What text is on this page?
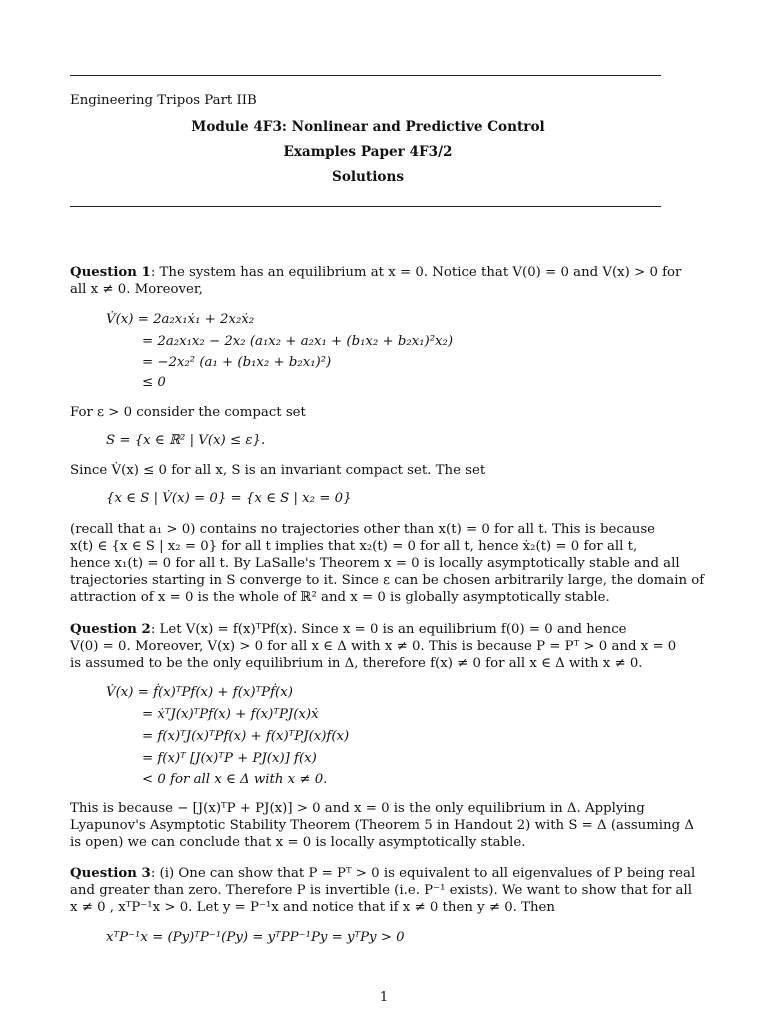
Engineering Tripos Part IIB
Module 4F3: Nonlinear and Predictive Control
Examples Paper 4F3/2
Solutions
Question 1: The system has an equilibrium at x = 0. Notice that V(0) = 0 and V(x) > 0 for
all x ≠ 0. Moreover,
V̇(x) = 2a₂x₁ẋ₁ + 2x₂ẋ₂
= 2a₂x₁x₂ − 2x₂ (a₁x₂ + a₂x₁ + (b₁x₂ + b₂x₁)²x₂)
= −2x₂² (a₁ + (b₁x₂ + b₂x₁)²)
≤ 0
For ε > 0 consider the compact set
S = {x ∈ ℝ² | V(x) ≤ ε}.
Since V̇(x) ≤ 0 for all x, S is an invariant compact set. The set
{x ∈ S | V̇(x) = 0} = {x ∈ S | x₂ = 0}
(recall that a₁ > 0) contains no trajectories other than x(t) = 0 for all t. This is because
x(t) ∈ {x ∈ S | x₂ = 0} for all t implies that x₂(t) = 0 for all t, hence ẋ₂(t) = 0 for all t,
hence x₁(t) = 0 for all t. By LaSalle's Theorem x = 0 is locally asymptotically stable and all
trajectories starting in S converge to it. Since ε can be chosen arbitrarily large, the domain of
attraction of x = 0 is the whole of ℝ² and x = 0 is globally asymptotically stable.
Question 2: Let V(x) = f(x)ᵀPf(x). Since x = 0 is an equilibrium f(0) = 0 and hence
V(0) = 0. Moreover, V(x) > 0 for all x ∈ Δ with x ≠ 0. This is because P = Pᵀ > 0 and x = 0
is assumed to be the only equilibrium in Δ, therefore f(x) ≠ 0 for all x ∈ Δ with x ≠ 0.
V̇(x) = ḟ(x)ᵀPf(x) + f(x)ᵀPḟ(x)
= ẋᵀJ(x)ᵀPf(x) + f(x)ᵀPJ(x)ẋ
= f(x)ᵀJ(x)ᵀPf(x) + f(x)ᵀPJ(x)f(x)
= f(x)ᵀ [J(x)ᵀP + PJ(x)] f(x)
< 0 for all x ∈ Δ with x ≠ 0.
This is because − [J(x)ᵀP + PJ(x)] > 0 and x = 0 is the only equilibrium in Δ. Applying
Lyapunov's Asymptotic Stability Theorem (Theorem 5 in Handout 2) with S = Δ (assuming Δ
is open) we can conclude that x = 0 is locally asymptotically stable.
Question 3: (i) One can show that P = Pᵀ > 0 is equivalent to all eigenvalues of P being real
and greater than zero. Therefore P is invertible (i.e. P⁻¹ exists). We want to show that for all
x ≠ 0 , xᵀP⁻¹x > 0. Let y = P⁻¹x and notice that if x ≠ 0 then y ≠ 0. Then
xᵀP⁻¹x = (Py)ᵀP⁻¹(Py) = yᵀPP⁻¹Py = yᵀPy > 0
1
